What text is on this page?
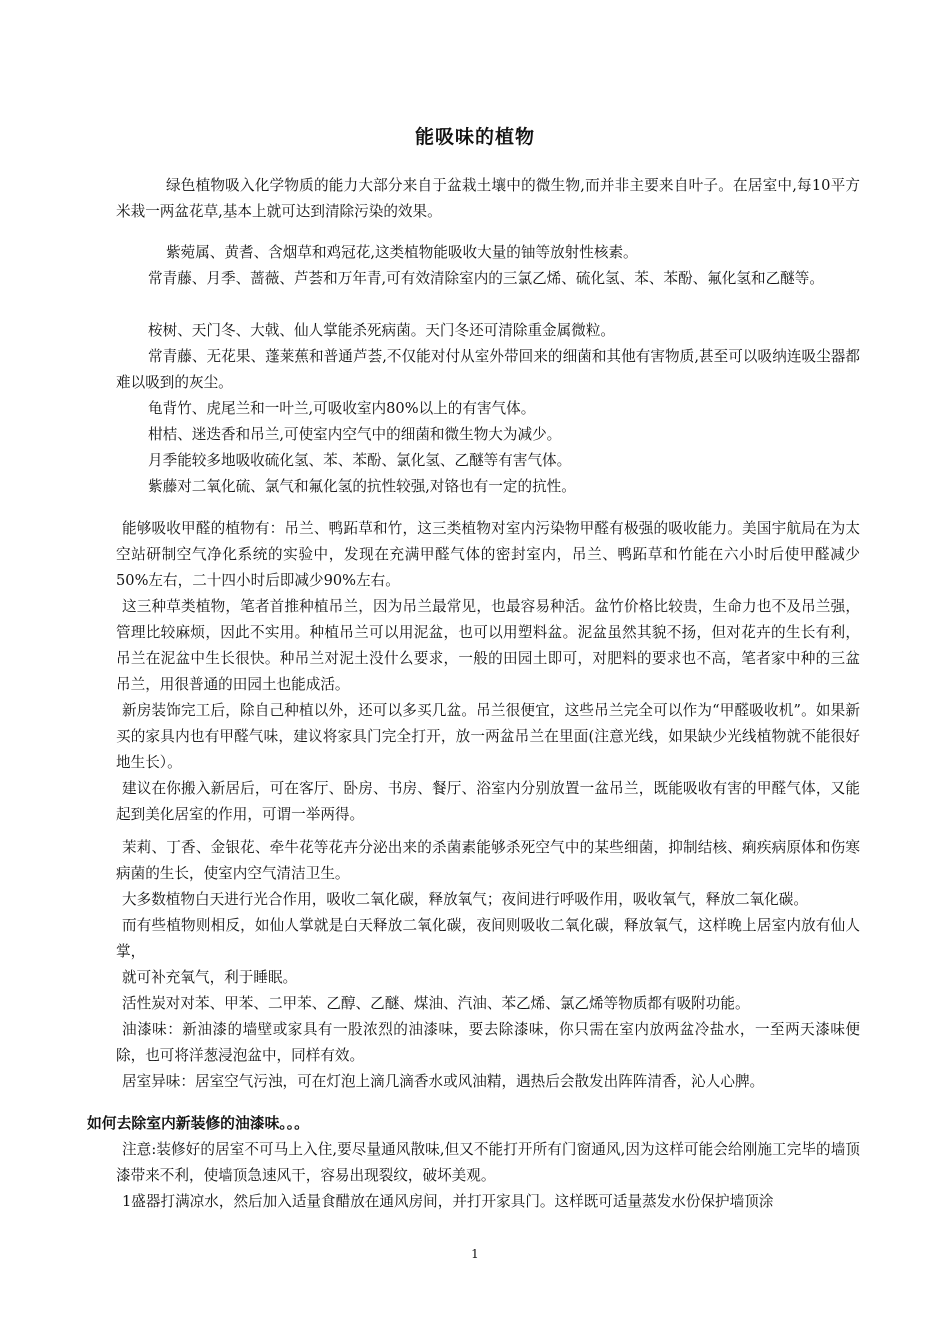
能吸味的植物

绿色植物吸入化学物质的能力大部分来自于盆栽土壤中的微生物,而并非主要来自叶子。在居室中,每10平方米栽一两盆花草,基本上就可达到清除污染的效果。

紫菀属、黄耆、含烟草和鸡冠花,这类植物能吸收大量的铀等放射性核素。

常青藤、月季、蔷薇、芦荟和万年青,可有效清除室内的三氯乙烯、硫化氢、苯、苯酚、氟化氢和乙醚等。

桉树、天门冬、大戟、仙人掌能杀死病菌。天门冬还可清除重金属微粒。

常青藤、无花果、蓬莱蕉和普通芦荟,不仅能对付从室外带回来的细菌和其他有害物质,甚至可以吸纳连吸尘器都难以吸到的灰尘。

龟背竹、虎尾兰和一叶兰,可吸收室内80%以上的有害气体。

柑桔、迷迭香和吊兰,可使室内空气中的细菌和微生物大为减少。

月季能较多地吸收硫化氢、苯、苯酚、氯化氢、乙醚等有害气体。

紫藤对二氧化硫、氯气和氟化氢的抗性较强,对铬也有一定的抗性。

能够吸收甲醛的植物有：吊兰、鸭跖草和竹，这三类植物对室内污染物甲醛有极强的吸收能力。美国宇航局在为太空站研制空气净化系统的实验中，发现在充满甲醛气体的密封室内，吊兰、鸭跖草和竹能在六小时后使甲醛减少50%左右，二十四小时后即减少90%左右。

这三种草类植物，笔者首推种植吊兰，因为吊兰最常见，也最容易种活。盆竹价格比较贵，生命力也不及吊兰强，管理比较麻烦，因此不实用。种植吊兰可以用泥盆，也可以用塑料盆。泥盆虽然其貌不扬，但对花卉的生长有利，吊兰在泥盆中生长很快。种吊兰对泥土没什么要求，一般的田园土即可，对肥料的要求也不高，笔者家中种的三盆吊兰，用很普通的田园土也能成活。

新房装饰完工后，除自己种植以外，还可以多买几盆。吊兰很便宜，这些吊兰完全可以作为“甲醛吸收机”。如果新买的家具内也有甲醛气味，建议将家具门完全打开，放一两盆吊兰在里面(注意光线，如果缺少光线植物就不能很好地生长）。

建议在你搬入新居后，可在客厅、卧房、书房、餐厅、浴室内分别放置一盆吊兰，既能吸收有害的甲醛气体，又能起到美化居室的作用，可谓一举两得。

茉莉、丁香、金银花、牵牛花等花卉分泌出来的杀菌素能够杀死空气中的某些细菌，抑制结核、痢疾病原体和伤寒病菌的生长，使室内空气清洁卫生。

大多数植物白天进行光合作用，吸收二氧化碳，释放氧气；夜间进行呼吸作用，吸收氧气，释放二氧化碳。

而有些植物则相反，如仙人掌就是白天释放二氧化碳，夜间则吸收二氧化碳，释放氧气，这样晚上居室内放有仙人掌，

就可补充氧气，利于睡眠。

活性炭对对苯、甲苯、二甲苯、乙醇、乙醚、煤油、汽油、苯乙烯、氯乙烯等物质都有吸附功能。

油漆味：新油漆的墙壁或家具有一股浓烈的油漆味，要去除漆味，你只需在室内放两盆冷盐水，一至两天漆味便除，也可将洋葱浸泡盆中，同样有效。

居室异味：居室空气污浊，可在灯泡上滴几滴香水或风油精，遇热后会散发出阵阵清香，沁人心脾。

如何去除室内新装修的油漆味。。。

注意:装修好的居室不可马上入住,要尽量通风散味,但又不能打开所有门窗通风,因为这样可能会给刚施工完毕的墙顶漆带来不利，使墙顶急速风干，容易出现裂纹，破坏美观。

1盛器打满凉水，然后加入适量食醋放在通风房间，并打开家具门。这样既可适量蒸发水份保护墙顶涂

1
